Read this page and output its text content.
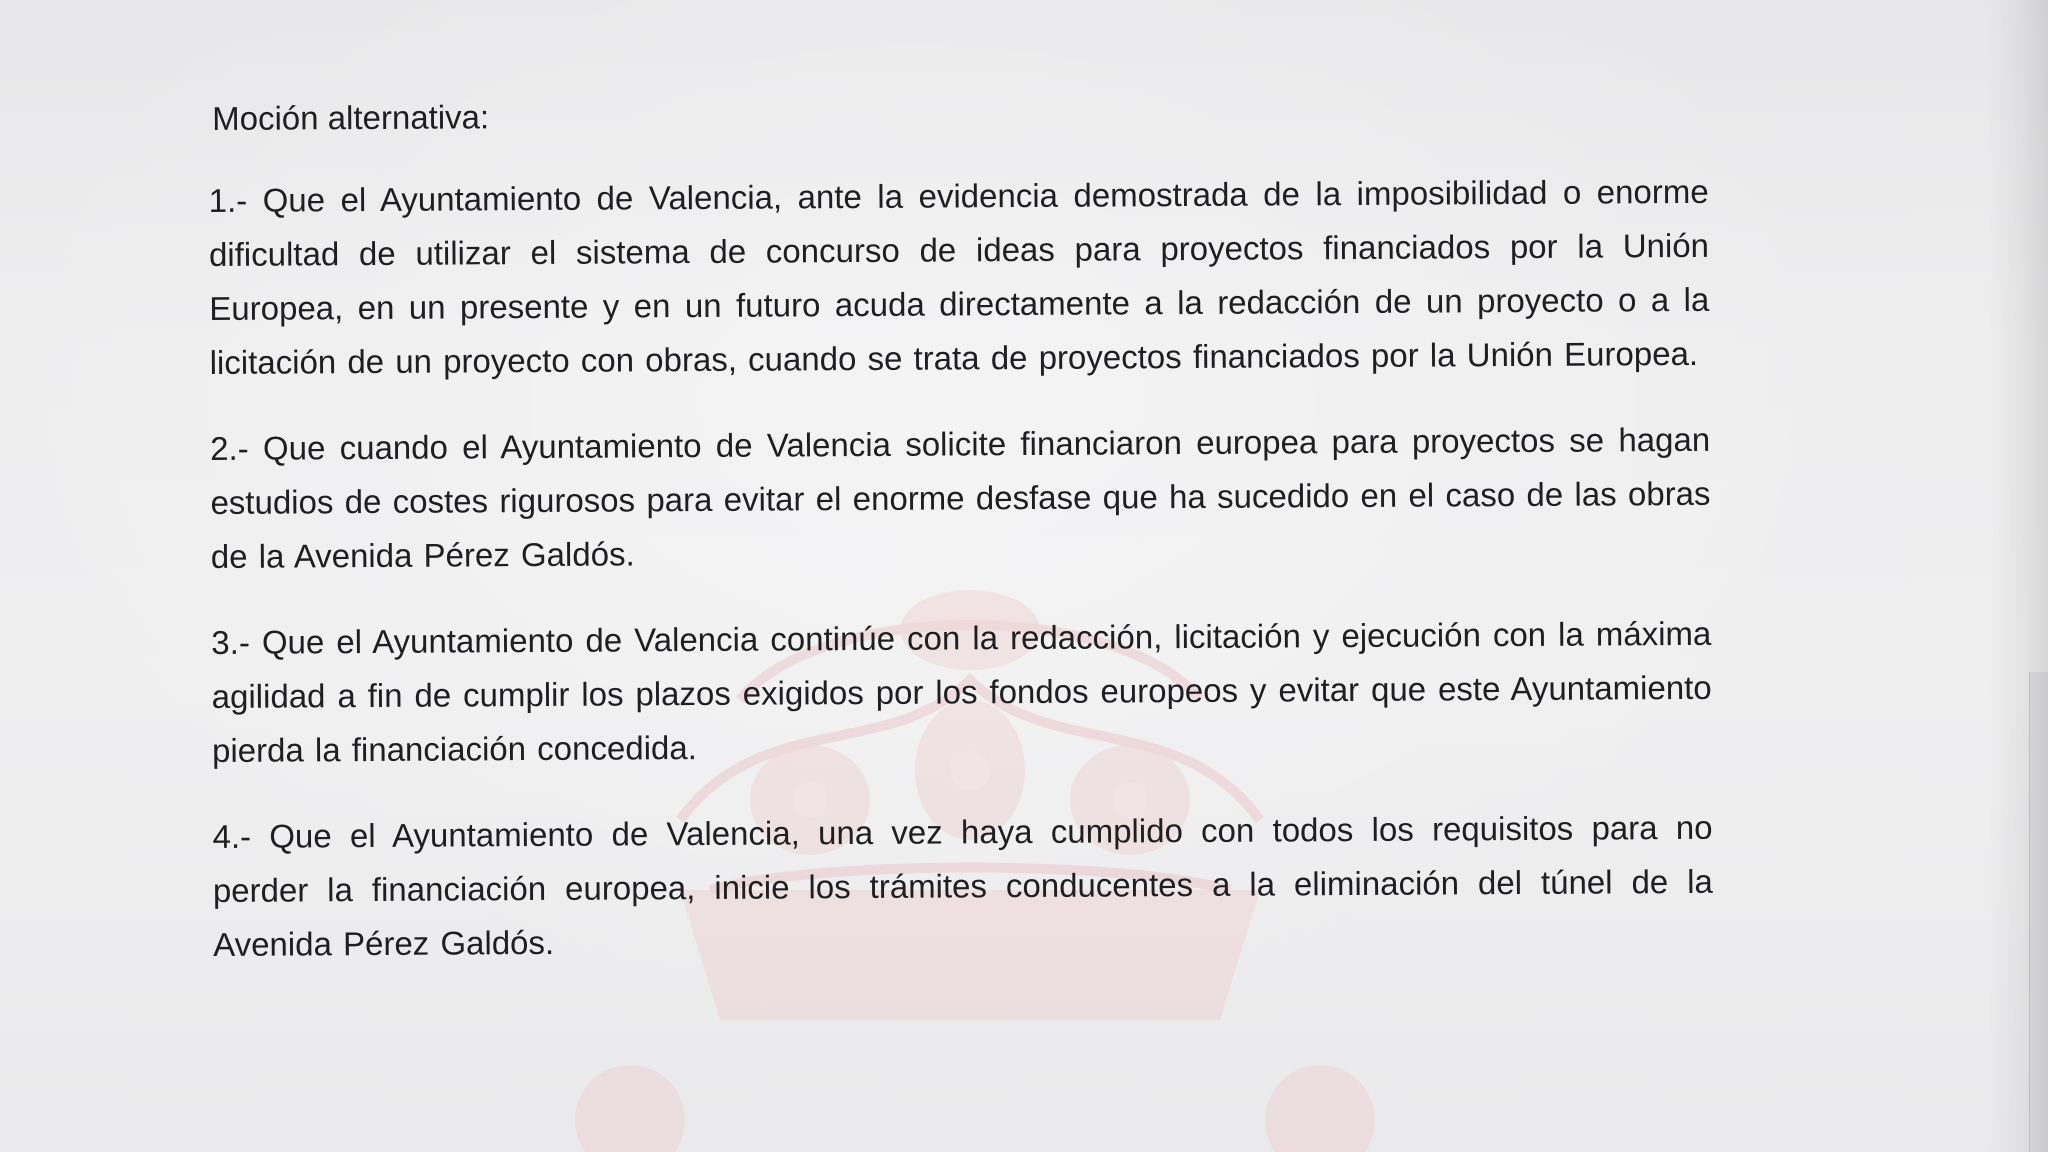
Moción alternativa:

1.- Que el Ayuntamiento de Valencia, ante la evidencia demostrada de la imposibilidad o enorme dificultad de utilizar el sistema de concurso de ideas para proyectos financiados por la Unión Europea, en un presente y en un futuro acuda directamente a la redacción de un proyecto o a la licitación de un proyecto con obras, cuando se trata de proyectos financiados por la Unión Europea.

2.- Que cuando el Ayuntamiento de Valencia solicite financiaron europea para proyectos se hagan estudios de costes rigurosos para evitar el enorme desfase que ha sucedido en el caso de las obras de la Avenida Pérez Galdós.

3.- Que el Ayuntamiento de Valencia continúe con la redacción, licitación y ejecución con la máxima agilidad a fin de cumplir los plazos exigidos por los fondos europeos y evitar que este Ayuntamiento pierda la financiación concedida.

4.- Que el Ayuntamiento de Valencia, una vez haya cumplido con todos los requisitos para no perder la financiación europea, inicie los trámites conducentes a la eliminación del túnel de la Avenida Pérez Galdós.
